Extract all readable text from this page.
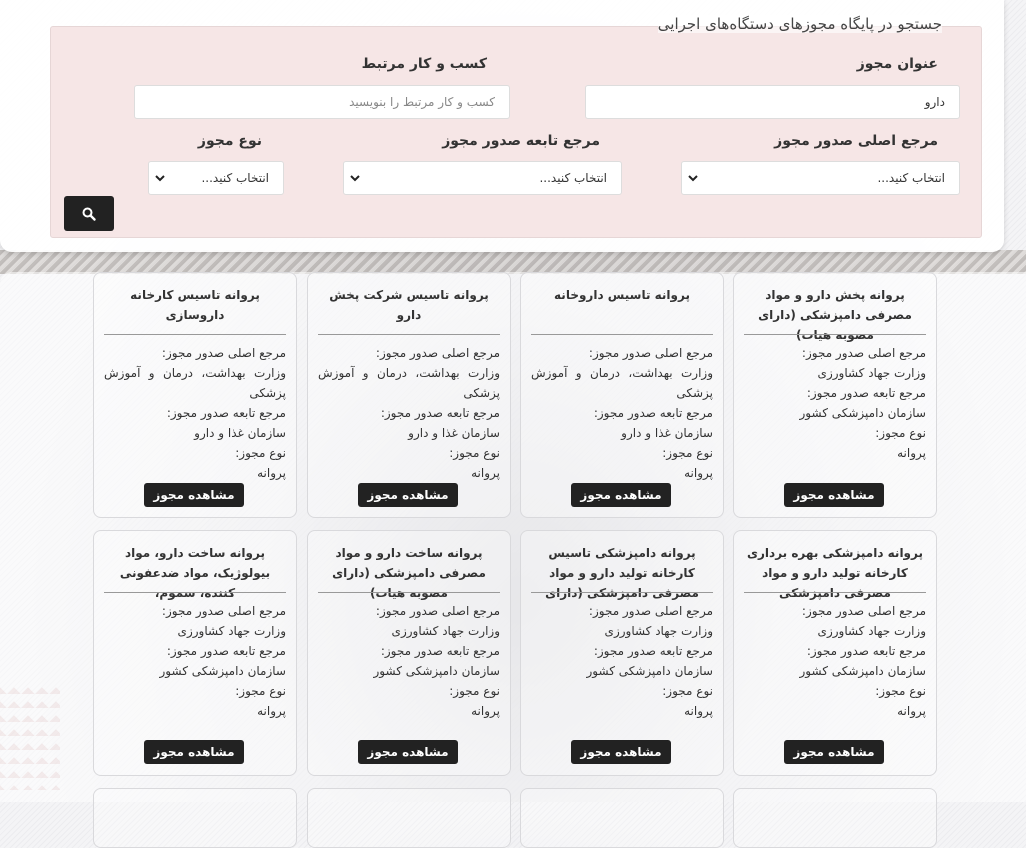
جستجو در پایگاه مجوزهای دستگاه‌های اجرایی
عنوان مجوز
دارو
کسب و کار مرتبط
کسب و کار مرتبط را بنویسید
مرجع اصلی صدور مجوز
انتخاب کنید...
مرجع تابعه صدور مجوز
انتخاب کنید...
نوع مجوز
انتخاب کنید...
پروانه پخش دارو و مواد مصرفی دامپزشکی (دارای مصوبه هیات)
مرجع اصلی صدور مجوز:
وزارت جهاد کشاورزی
مرجع تابعه صدور مجوز:
سازمان دامپزشکی کشور
نوع مجوز:
پروانه
مشاهده مجوز
پروانه تاسیس داروخانه
مرجع اصلی صدور مجوز:
وزارت بهداشت، درمان و آموزش پزشکی
مرجع تابعه صدور مجوز:
سازمان غذا و دارو
نوع مجوز:
پروانه
مشاهده مجوز
پروانه تاسیس شرکت پخش دارو
مرجع اصلی صدور مجوز:
وزارت بهداشت، درمان و آموزش پزشکی
مرجع تابعه صدور مجوز:
سازمان غذا و دارو
نوع مجوز:
پروانه
مشاهده مجوز
پروانه تاسیس کارخانه داروسازی
مرجع اصلی صدور مجوز:
وزارت بهداشت، درمان و آموزش پزشکی
مرجع تابعه صدور مجوز:
سازمان غذا و دارو
نوع مجوز:
پروانه
مشاهده مجوز
پروانه دامپزشکی بهره برداری کارخانه تولید دارو و مواد مصرفی دامپزشکی
مرجع اصلی صدور مجوز:
وزارت جهاد کشاورزی
مرجع تابعه صدور مجوز:
سازمان دامپزشکی کشور
نوع مجوز:
پروانه
مشاهده مجوز
پروانه دامپزشکی تاسیس کارخانه تولید دارو و مواد مصرفی دامپزشکی (دارای
مرجع اصلی صدور مجوز:
وزارت جهاد کشاورزی
مرجع تابعه صدور مجوز:
سازمان دامپزشکی کشور
نوع مجوز:
پروانه
مشاهده مجوز
پروانه ساخت دارو و مواد مصرفی دامپزشکی (دارای مصوبه هیات)
مرجع اصلی صدور مجوز:
وزارت جهاد کشاورزی
مرجع تابعه صدور مجوز:
سازمان دامپزشکی کشور
نوع مجوز:
پروانه
مشاهده مجوز
پروانه ساخت دارو، مواد بیولوژیک، مواد ضدعفونی کننده، سموم،
مرجع اصلی صدور مجوز:
وزارت جهاد کشاورزی
مرجع تابعه صدور مجوز:
سازمان دامپزشکی کشور
نوع مجوز:
پروانه
مشاهده مجوز
